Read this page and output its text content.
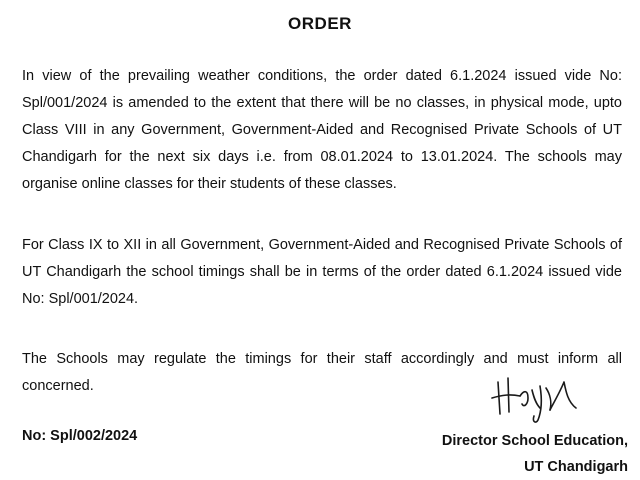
ORDER

In view of the prevailing weather conditions, the order dated 6.1.2024 issued vide No: Spl/001/2024 is amended to the extent that there will be no classes, in physical mode, upto Class VIII in any Government, Government-Aided and Recognised Private Schools of UT Chandigarh for the next six days i.e. from 08.01.2024 to 13.01.2024. The schools may organise online classes for their students of these classes.

For Class IX to XII in all Government, Government-Aided and Recognised Private Schools of UT Chandigarh the school timings shall be in terms of the order dated 6.1.2024 issued vide No: Spl/001/2024.

The Schools may regulate the timings for their staff accordingly and must inform all concerned.

No: Spl/002/2024	Director School Education,
UT Chandigarh
